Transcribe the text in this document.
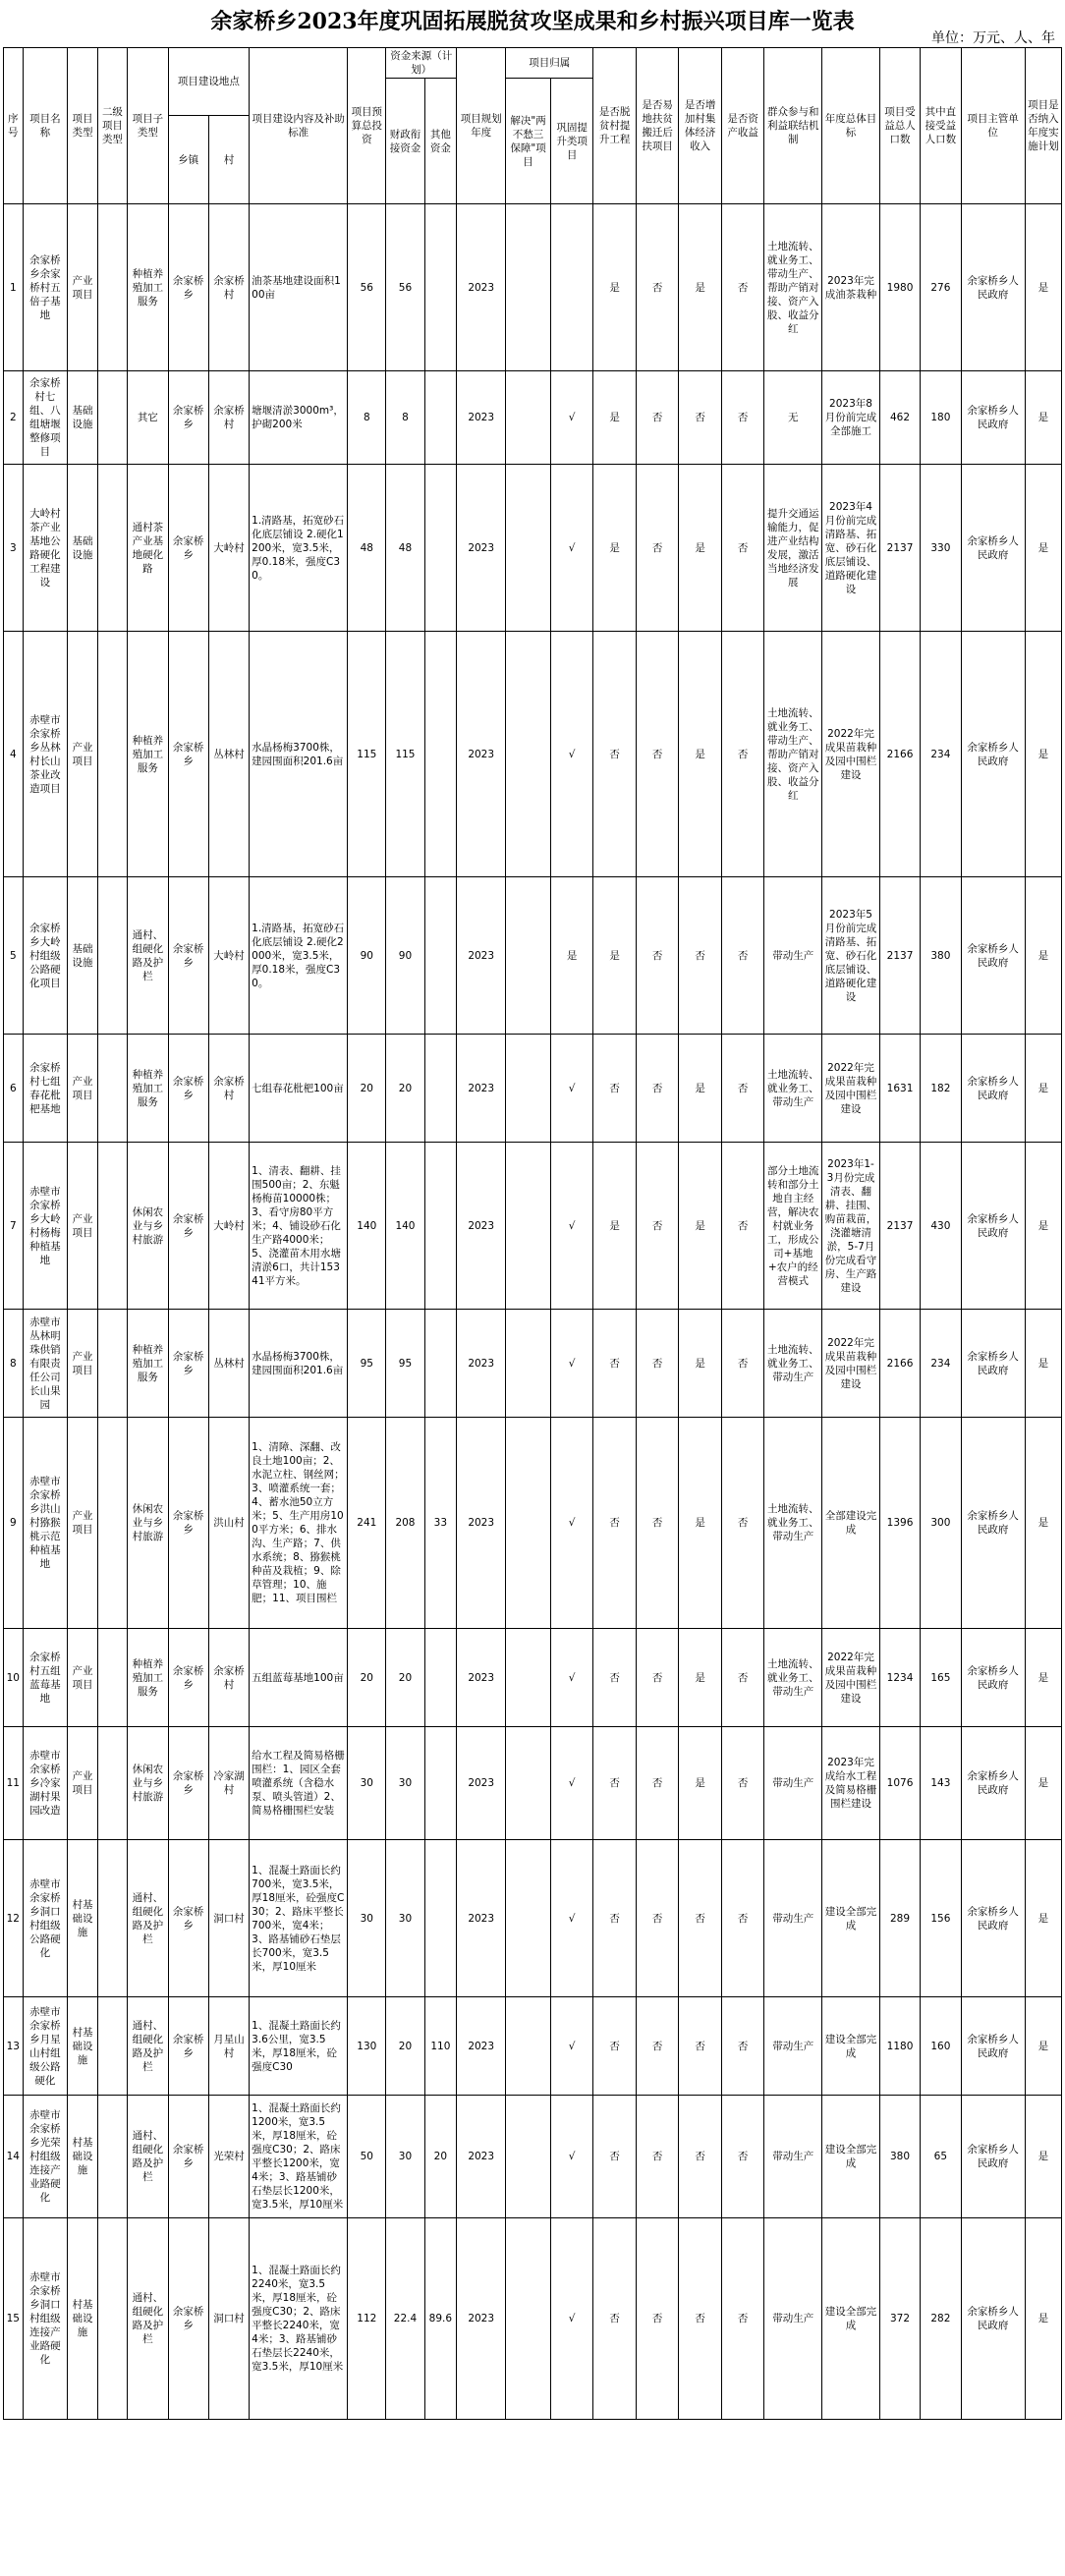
余家桥乡2023年度巩固拓展脱贫攻坚成果和乡村振兴项目库一览表
单位：万元、人、年
序号	项目名称	项目类型	二级项目类型	项目子类型	项目建设地点		项目建设内容及补助标准	项目预算总投资	资金来源（计划）		项目规划年度	项目归属		是否脱贫村提升工程	是否易地扶贫搬迁后扶项目	是否增加村集体经济收入	是否资产收益	群众参与和利益联结机制	年度总体目标	项目受益总人口数	其中直接受益人口数	项目主管单位	项目是否纳入年度实施计划
									财政衔接资金	其他资金		解决"两不愁三保障"项目	巩固提升类项目										
					乡镇	村																	
1	余家桥乡余家桥村五倍子基地	产业项目		种植养殖加工服务	余家桥乡	余家桥村	油茶基地建设面积100亩	56	56		2023			是	否	是	否	土地流转、就业务工、带动生产、帮助产销对接、资产入股、收益分红	2023年完成油茶栽种	1980	276	余家桥乡人民政府	是
2	余家桥村七组、八组塘堰整修项目	基础设施		其它	余家桥乡	余家桥村	塘堰清淤3000m³，护砌200米	8	8		2023		√	是	否	否	否	无	2023年8月份前完成全部施工	462	180	余家桥乡人民政府	是
3	大岭村茶产业基地公路硬化工程建设	基础设施		通村茶产业基地硬化路	余家桥乡	大岭村	1.清路基，拓宽砂石化底层铺设 2.硬化1200米，宽3.5米，厚0.18米，强度C30。	48	48		2023		√	是	否	是	否	提升交通运输能力，促进产业结构发展，激活当地经济发展	2023年4月份前完成清路基、拓宽、砂石化底层铺设、道路硬化建设	2137	330	余家桥乡人民政府	是
4	赤壁市余家桥乡丛林村长山茶业改造项目	产业项目		种植养殖加工服务	余家桥乡	丛林村	水晶杨梅3700株，建园围面积201.6亩	115	115		2023		√	否	否	是	否	土地流转、就业务工、带动生产、帮助产销对接、资产入股、收益分红	2022年完成果苗栽种及园中围栏建设	2166	234	余家桥乡人民政府	是
5	余家桥乡大岭村组级公路硬化项目	基础设施		通村、组硬化路及护栏	余家桥乡	大岭村	1.清路基，拓宽砂石化底层铺设 2.硬化2000米，宽3.5米，厚0.18米，强度C30。	90	90		2023		是	是	否	否	否	带动生产	2023年5月份前完成清路基、拓宽、砂石化底层铺设、道路硬化建设	2137	380	余家桥乡人民政府	是
6	余家桥村七组春花枇杷基地	产业项目		种植养殖加工服务	余家桥乡	余家桥村	七组春花枇杷100亩	20	20		2023		√	否	否	是	否	土地流转、就业务工、带动生产	2022年完成果苗栽种及园中围栏建设	1631	182	余家桥乡人民政府	是
7	赤壁市余家桥乡大岭村杨梅种植基地	产业项目		休闲农业与乡村旅游	余家桥乡	大岭村	1、清表、翻耕、挂围500亩；2、东魁杨梅苗10000株；3、看守房80平方米；4、铺设砂石化生产路4000米；5、浇灌苗木用水塘清淤6口，共计15341平方米。	140	140		2023		√	是	否	是	否	部分土地流转和部分土地自主经营，解决农村就业务工，形成公司+基地+农户的经营模式	2023年1-3月份完成清表、翻耕、挂围、购苗栽苗，浇灌塘清淤，5-7月份完成看守房、生产路建设	2137	430	余家桥乡人民政府	是
8	赤壁市丛林明珠供销有限责任公司长山果园	产业项目		种植养殖加工服务	余家桥乡	丛林村	水晶杨梅3700株，建园围面积201.6亩	95	95		2023		√	否	否	是	否	土地流转、就业务工、带动生产	2022年完成果苗栽种及园中围栏建设	2166	234	余家桥乡人民政府	是
9	赤壁市余家桥乡洪山村猕猴桃示范种植基地	产业项目		休闲农业与乡村旅游	余家桥乡	洪山村	1、清障、深翻、改良土地100亩；2、水泥立柱、钢丝网；3、喷灌系统一套；4、蓄水池50立方米；5、生产用房100平方米；6、排水沟、生产路；7、供水系统；8、猕猴桃种苗及栽植；9、除草管理；10、施肥；11、项目围栏	241	208	33	2023		√	否	否	是	否	土地流转、就业务工、带动生产	全部建设完成	1396	300	余家桥乡人民政府	是
10	余家桥村五组蓝莓基地	产业项目		种植养殖加工服务	余家桥乡	余家桥村	五组蓝莓基地100亩	20	20		2023		√	否	否	是	否	土地流转、就业务工、带动生产	2022年完成果苗栽种及园中围栏建设	1234	165	余家桥乡人民政府	是
11	赤壁市余家桥乡冷家湖村果园改造	产业项目		休闲农业与乡村旅游	余家桥乡	冷家湖村	给水工程及简易格栅围栏：1、园区全套喷灌系统（含稳水泵、喷头管道）2、简易格栅围栏安装	30	30		2023		√	否	否	是	否	带动生产	2023年完成给水工程及简易格栅围栏建设	1076	143	余家桥乡人民政府	是
12	赤壁市余家桥乡洞口村组级公路硬化	村基础设施		通村、组硬化路及护栏	余家桥乡	洞口村	1、混凝土路面长约700米，宽3.5米，厚18厘米，砼强度C30；2、路床平整长700米，宽4米；3、路基铺砂石垫层长700米，宽3.5米，厚10厘米	30	30		2023		√	否	否	否	否	带动生产	建设全部完成	289	156	余家桥乡人民政府	是
13	赤壁市余家桥乡月星山村组级公路硬化	村基础设施		通村、组硬化路及护栏	余家桥乡	月星山村	1、混凝土路面长约3.6公里，宽3.5米，厚18厘米，砼强度C30	130	20	110	2023		√	否	否	否	否	带动生产	建设全部完成	1180	160	余家桥乡人民政府	是
14	赤壁市余家桥乡光荣村组级连接产业路硬化	村基础设施		通村、组硬化路及护栏	余家桥乡	光荣村	1、混凝土路面长约1200米，宽3.5米，厚18厘米，砼强度C30；2、路床平整长1200米，宽4米；3、路基铺砂石垫层长1200米，宽3.5米，厚10厘米	50	30	20	2023		√	否	否	否	否	带动生产	建设全部完成	380	65	余家桥乡人民政府	是
15	赤壁市余家桥乡洞口村组级连接产业路硬化	村基础设施		通村、组硬化路及护栏	余家桥乡	洞口村	1、混凝土路面长约2240米，宽3.5米，厚18厘米，砼强度C30；2、路床平整长2240米，宽4米；3、路基铺砂石垫层长2240米，宽3.5米，厚10厘米	112	22.4	89.6	2023		√	否	否	否	否	带动生产	建设全部完成	372	282	余家桥乡人民政府	是
